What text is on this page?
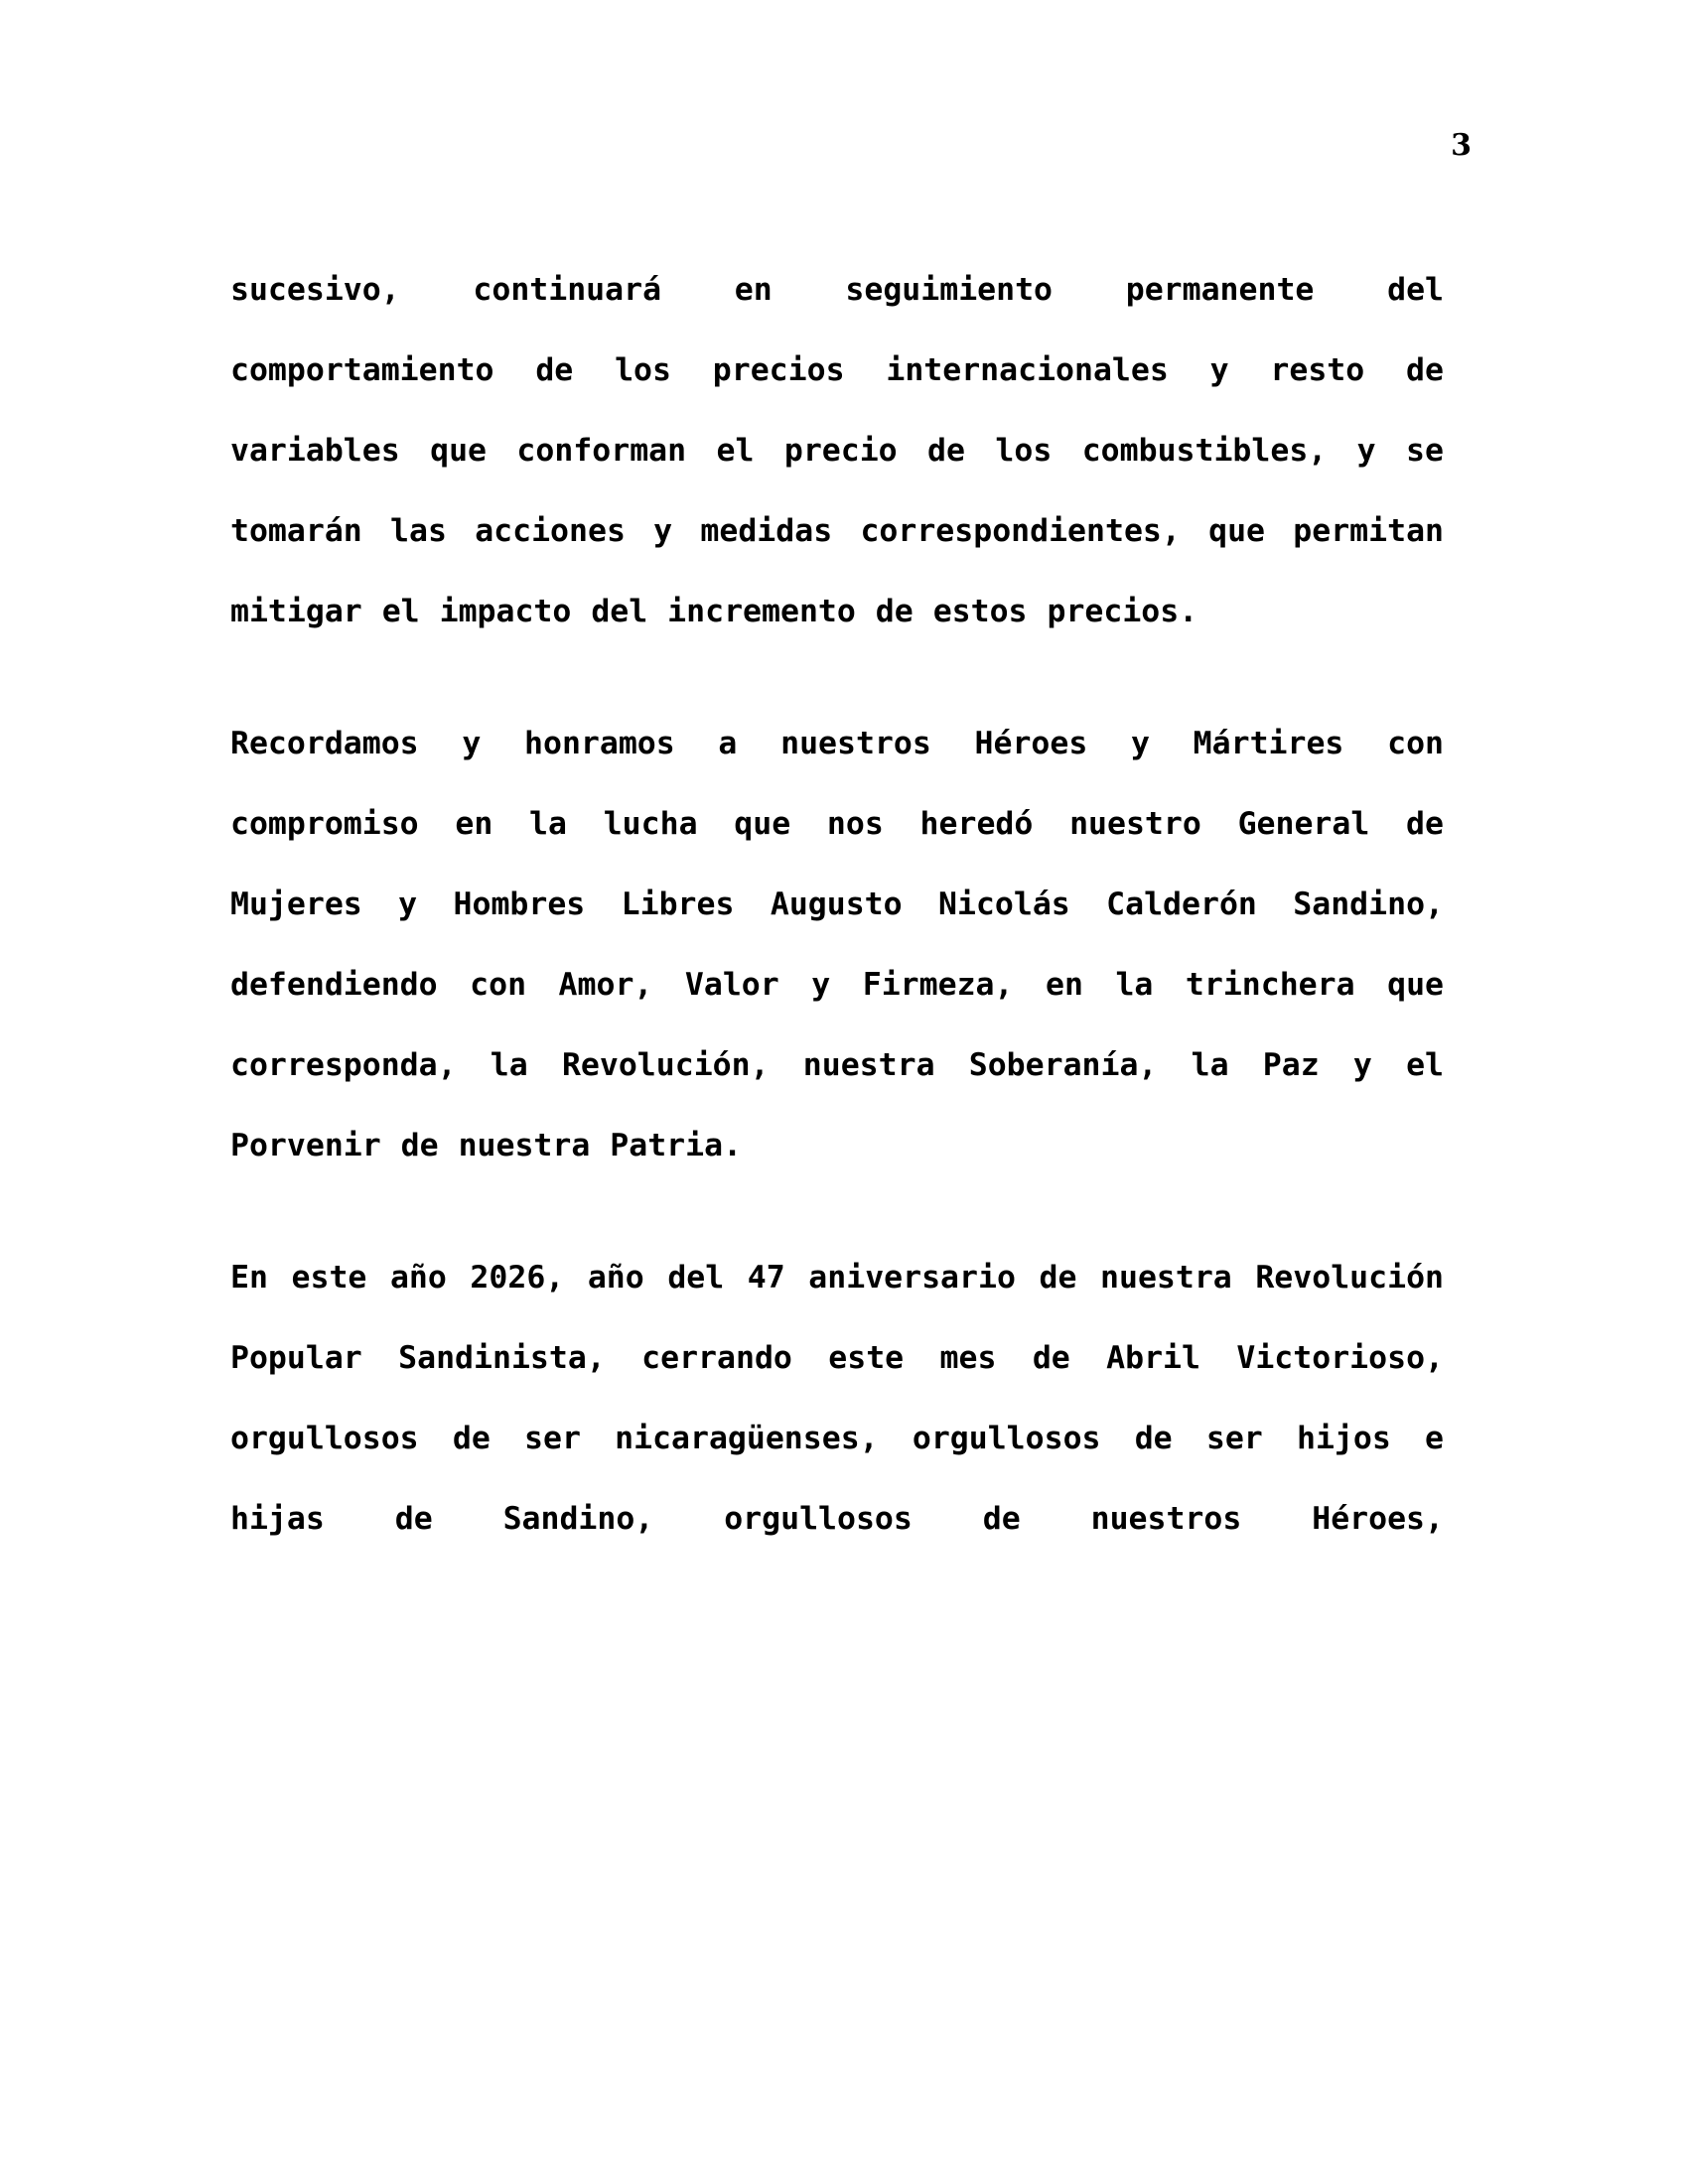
3

sucesivo, continuará en seguimiento permanente del comportamiento de los precios internacionales y resto de variables que conforman el precio de los combustibles, y se tomarán las acciones y medidas correspondientes, que permitan mitigar el impacto del incremento de estos precios.

Recordamos y honramos a nuestros Héroes y Mártires con compromiso en la lucha que nos heredó nuestro General de Mujeres y Hombres Libres Augusto Nicolás Calderón Sandino, defendiendo con Amor, Valor y Firmeza, en la trinchera que corresponda, la Revolución, nuestra Soberanía, la Paz y el Porvenir de nuestra Patria.

En este año 2026, año del 47 aniversario de nuestra Revolución Popular Sandinista, cerrando este mes de Abril Victorioso, orgullosos de ser nicaragüenses, orgullosos de ser hijos e hijas de Sandino, orgullosos de nuestros Héroes,
